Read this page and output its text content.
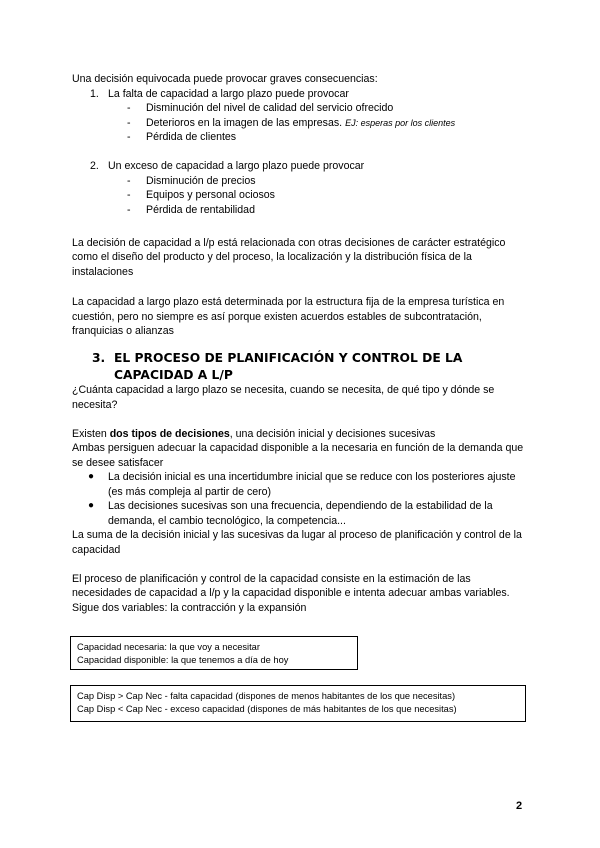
Una decisión equivocada puede provocar graves consecuencias:
1. La falta de capacidad a largo plazo puede provocar
- Disminución del nivel de calidad del servicio ofrecido
- Deterioros en la imagen de las empresas. EJ: esperas por los clientes
- Pérdida de clientes
2. Un exceso de capacidad a largo plazo puede provocar
- Disminución de precios
- Equipos y personal ociosos
- Pérdida de rentabilidad
La decisión de capacidad a l/p está relacionada con otras decisiones de carácter estratégico como el diseño del producto y del proceso, la localización y la distribución física de la instalaciones
La capacidad a largo plazo está determinada por la estructura fija de la empresa turística en cuestión, pero no siempre es así porque existen acuerdos estables de subcontratación, franquicias o alianzas
3. EL PROCESO DE PLANIFICACIÓN Y CONTROL DE LA CAPACIDAD A L/P
¿Cuánta capacidad a largo plazo se necesita, cuando se necesita, de qué tipo y dónde se necesita?
Existen dos tipos de decisiones, una decisión inicial y decisiones sucesivas
Ambas persiguen adecuar la capacidad disponible a la necesaria en función de la demanda que se desee satisfacer
● La decisión inicial es una incertidumbre inicial que se reduce con los posteriores ajuste (es más compleja al partir de cero)
● Las decisiones sucesivas son una frecuencia, dependiendo de la estabilidad de la demanda, el cambio tecnológico, la competencia...
La suma de la decisión inicial y las sucesivas da lugar al proceso de planificación y control de la capacidad
El proceso de planificación y control de la capacidad consiste en la estimación de las necesidades de capacidad a l/p y la capacidad disponible e intenta adecuar ambas variables. Sigue dos variables: la contracción y la expansión
Capacidad necesaria: la que voy a necesitar
Capacidad disponible: la que tenemos a día de hoy
Cap Disp > Cap Nec - falta capacidad (dispones de menos habitantes de los que necesitas)
Cap Disp < Cap Nec - exceso capacidad (dispones de más habitantes de los que necesitas)
2
